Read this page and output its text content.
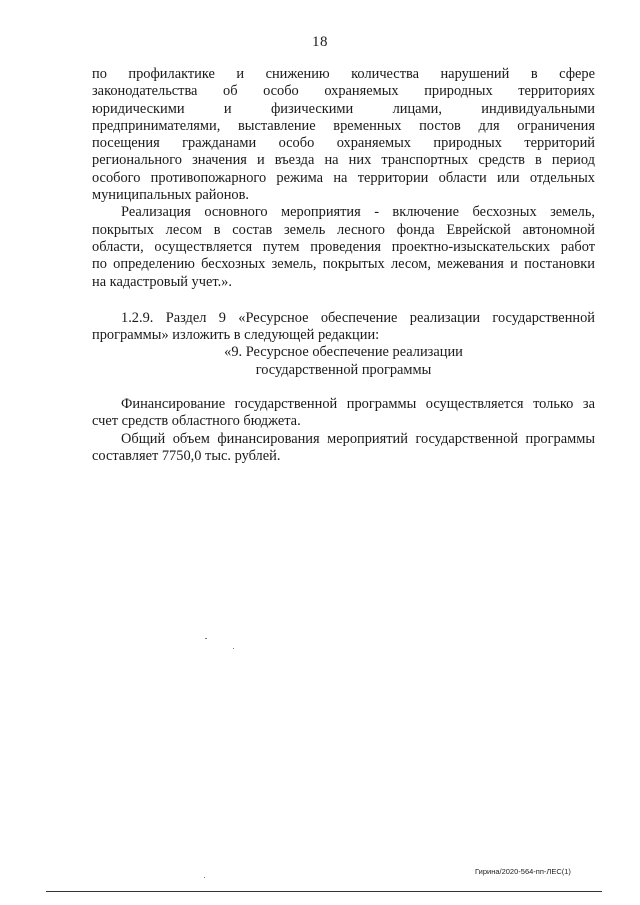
18
по профилактике и снижению количества нарушений в сфере
законодательства об особо охраняемых природных территориях
юридическими и физическими лицами, индивидуальными
предпринимателями, выставление временных постов для ограничения
посещения гражданами особо охраняемых природных территорий
регионального значения и въезда на них транспортных средств в период
особого противопожарного режима на территории области или отдельных
муниципальных районов.
Реализация основного мероприятия - включение бесхозных земель,
покрытых лесом в состав земель лесного фонда Еврейской автономной
области, осуществляется путем проведения проектно-изыскательских работ
по определению бесхозных земель, покрытых лесом, межевания и постановки
на кадастровый учет.».
1.2.9. Раздел 9 «Ресурсное обеспечение реализации государственной
программы» изложить в следующей редакции:
«9. Ресурсное обеспечение реализации
государственной программы
Финансирование государственной программы осуществляется только за
счет средств областного бюджета.
Общий объем финансирования мероприятий государственной программы
составляет 7750,0 тыс. рублей.
Гирина/2020-564-пп-ЛЕС(1)
